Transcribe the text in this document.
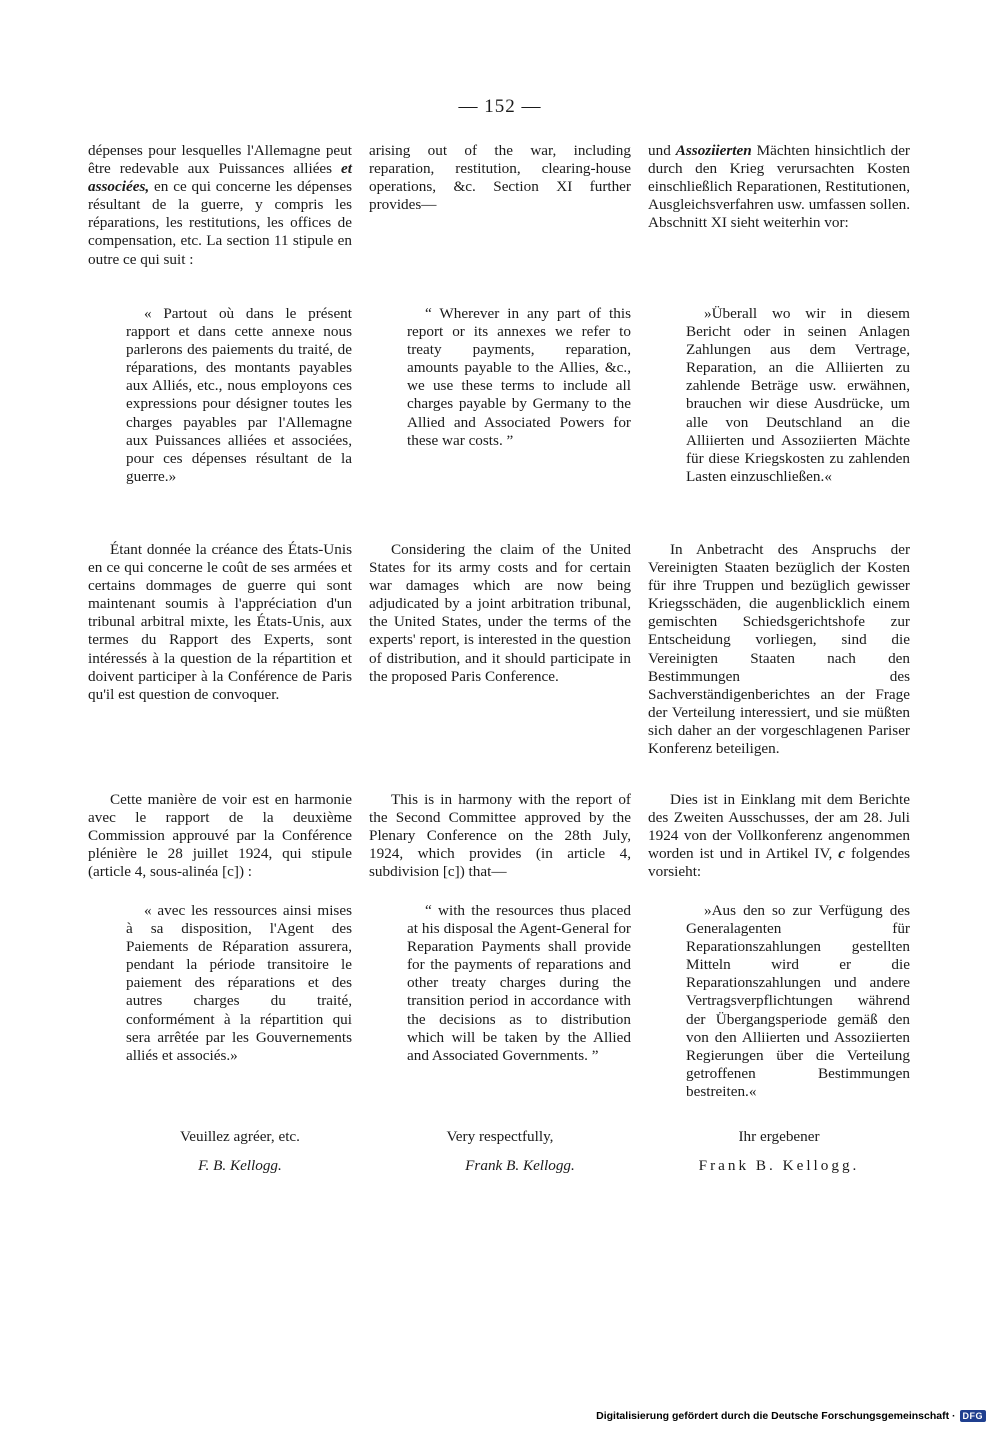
— 152 —

dépenses pour lesquelles l'Allemagne peut être redevable aux Puissances alliées et associées, en ce qui concerne les dépenses résultant de la guerre, y compris les réparations, les restitutions, les offices de compensation, etc. La section 11 stipule en outre ce qui suit :

« Partout où dans le présent rapport et dans cette annexe nous parlerons des paiements du traité, de réparations, des montants payables aux Alliés, etc., nous employons ces expressions pour désigner toutes les charges payables par l'Allemagne aux Puissances alliées et associées, pour ces dépenses résultant de la guerre.»

Étant donnée la créance des États-Unis en ce qui concerne le coût de ses armées et certains dommages de guerre qui sont maintenant soumis à l'appréciation d'un tribunal arbitral mixte, les États-Unis, aux termes du Rapport des Experts, sont intéressés à la question de la répartition et doivent participer à la Conférence de Paris qu'il est question de convoquer.

Cette manière de voir est en harmonie avec le rapport de la deuxième Commission approuvé par la Conférence plénière le 28 juillet 1924, qui stipule (article 4, sous-alinéa [c]) :

« avec les ressources ainsi mises à sa disposition, l'Agent des Paiements de Réparation assurera, pendant la période transitoire le paiement des réparations et des autres charges du traité, conformément à la répartition qui sera arrêtée par les Gouvernements alliés et associés.»

Veuillez agréer, etc.

F. B. Kellogg.

arising out of the war, including reparation, restitution, clearing-house operations, &c. Section XI further provides—

“ Wherever in any part of this report or its annexes we refer to treaty payments, reparation, amounts payable to the Allies, &c., we use these terms to include all charges payable by Germany to the Allied and Associated Powers for these war costs. ”

Considering the claim of the United States for its army costs and for certain war damages which are now being adjudicated by a joint arbitration tribunal, the United States, under the terms of the experts' report, is interested in the question of distribution, and it should participate in the proposed Paris Conference.

This is in harmony with the report of the Second Committee approved by the Plenary Conference on the 28th July, 1924, which provides (in article 4, subdivision [c]) that—

“ with the resources thus placed at his disposal the Agent-General for Reparation Payments shall provide for the payments of reparations and other treaty charges during the transition period in accordance with the decisions as to distribution which will be taken by the Allied and Associated Governments. ”

Very respectfully,

Frank B. Kellogg.

und Assoziierten Mächten hinsichtlich der durch den Krieg verursachten Kosten einschließlich Reparationen, Restitutionen, Ausgleichsverfahren usw. umfassen sollen. Abschnitt XI sieht weiterhin vor:

»Überall wo wir in diesem Bericht oder in seinen Anlagen Zahlungen aus dem Vertrage, Reparation, an die Alliierten zu zahlende Beträge usw. erwähnen, brauchen wir diese Ausdrücke, um alle von Deutschland an die Alliierten und Assoziierten Mächte für diese Kriegskosten zu zahlenden Lasten einzuschließen.«

In Anbetracht des Anspruchs der Vereinigten Staaten bezüglich der Kosten für ihre Truppen und bezüglich gewisser Kriegsschäden, die augenblicklich einem gemischten Schiedsgerichtshofe zur Entscheidung vorliegen, sind die Vereinigten Staaten nach den Bestimmungen des Sachverständigenberichtes an der Frage der Verteilung interessiert, und sie müßten sich daher an der vorgeschlagenen Pariser Konferenz beteiligen.

Dies ist in Einklang mit dem Berichte des Zweiten Ausschusses, der am 28. Juli 1924 von der Vollkonferenz angenommen worden ist und in Artikel IV, c folgendes vorsieht:

»Aus den so zur Verfügung des Generalagenten für Reparationszahlungen gestellten Mitteln wird er die Reparationszahlungen und andere Vertragsverpflichtungen während der Übergangsperiode gemäß den von den Alliierten und Assoziierten Regierungen über die Verteilung getroffenen Bestimmungen bestreiten.«

Ihr ergebener

Frank B. Kellogg.

Digitalisierung gefördert durch die Deutsche Forschungsgemeinschaft · DFG
